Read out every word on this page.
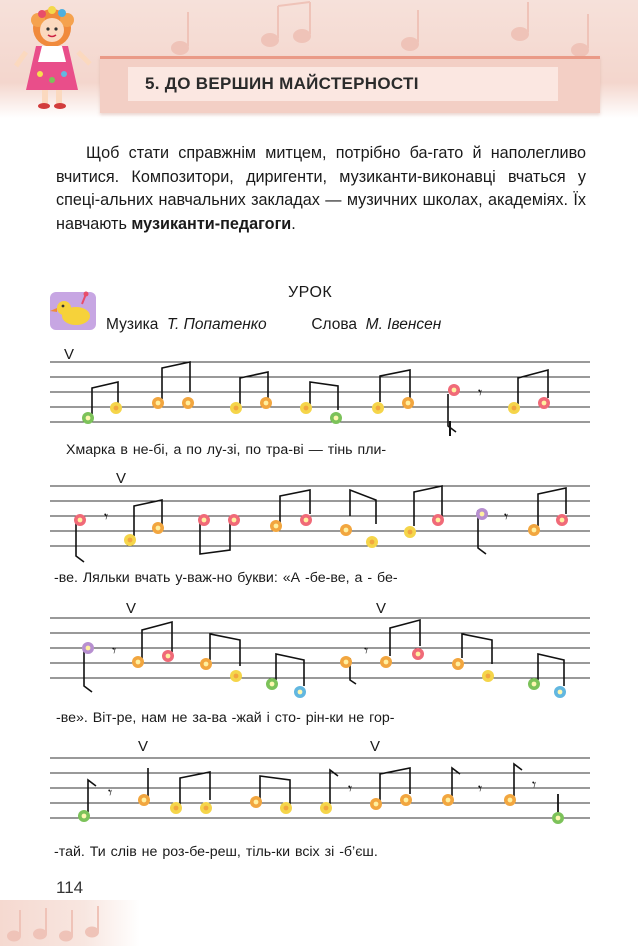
5. ДО ВЕРШИН МАЙСТЕРНОСТІ

Щоб стати справжнім митцем, потрібно ба-гато й наполегливо вчитися. Композитори, диригенти, музиканти-виконавці вчаться у спеці-альних навчальних закладах — музичних школах, академіях. Їх навчають музиканти-педагоги.

УРОК
Музика Т. Попатенко	Слова М. Івенсен
V
𝄾
Хмарка в не-бі, а по лу-зі, по тра-ві — тінь пли-
V
𝄾	𝄾
-ве. Ляльки вчать у-важ-но букви: «А -бе-ве, а - бе-
V	V
𝄾	𝄾
-ве». Віт-ре, нам не за-ва -жай і сто- рін-ки не гор-
V	V
𝄾	𝄾	𝄾	𝄾
-тай. Ти слів не роз-бе-реш, тіль-ки всіх зі -б’єш.
114
